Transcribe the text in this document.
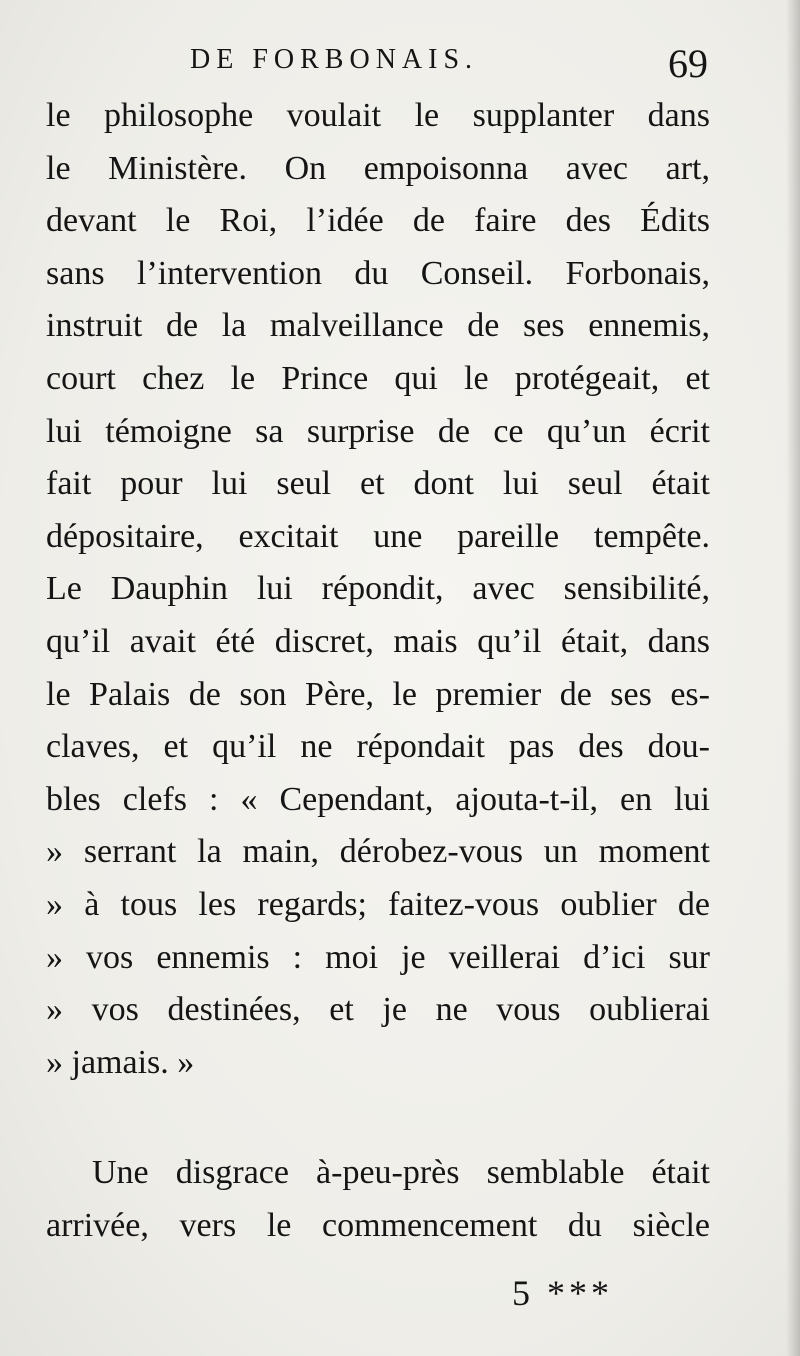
DE FORBONAIS.	69
le philosophe voulait le supplanter dans
le Ministère. On empoisonna avec art,
devant le Roi, l’idée de faire des Édits
sans l’intervention du Conseil. Forbonais,
instruit de la malveillance de ses ennemis,
court chez le Prince qui le protégeait, et
lui témoigne sa surprise de ce qu’un écrit
fait pour lui seul et dont lui seul était
dépositaire, excitait une pareille tempête.
Le Dauphin lui répondit, avec sensibilité,
qu’il avait été discret, mais qu’il était, dans
le Palais de son Père, le premier de ses es-
claves, et qu’il ne répondait pas des dou-
bles clefs : « Cependant, ajouta-t-il, en lui
» serrant la main, dérobez-vous un moment
» à tous les regards; faitez-vous oublier de
» vos ennemis : moi je veillerai d’ici sur
» vos destinées, et je ne vous oublierai
» jamais. »
Une disgrace à-peu-près semblable était
arrivée, vers le commencement du siècle
5 ***
